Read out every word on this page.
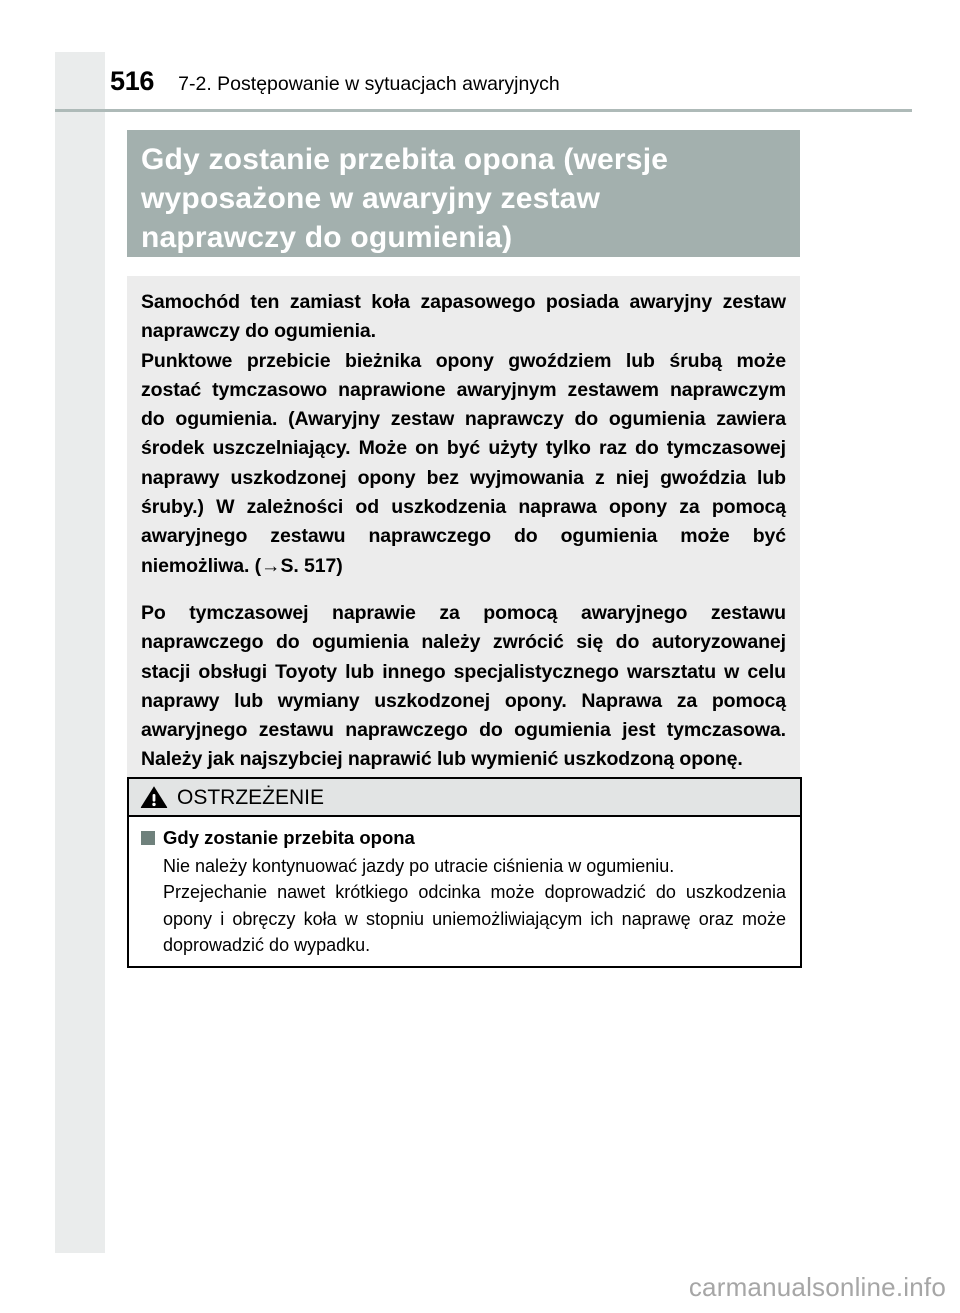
516 7-2. Postępowanie w sytuacjach awaryjnych
Gdy zostanie przebita opona (wersje
wyposażone w awaryjny zestaw
naprawczy do ogumienia)

Samochód ten zamiast koła zapasowego posiada awaryjny zestaw naprawczy do ogumienia.

Punktowe przebicie bieżnika opony gwoździem lub śrubą może zostać tymczasowo naprawione awaryjnym zestawem naprawczym do ogumienia. (Awaryjny zestaw naprawczy do ogumienia zawiera środek uszczelniający. Może on być użyty tylko raz do tymczasowej naprawy uszkodzonej opony bez wyjmowania z niej gwoździa lub śruby.) W zależności od uszkodzenia naprawa opony za pomocą awaryjnego zestawu naprawczego do ogumienia może być niemożliwa. (→S. 517)

Po tymczasowej naprawie za pomocą awaryjnego zestawu naprawczego do ogumienia należy zwrócić się do autoryzowanej stacji obsługi Toyoty lub innego specjalistycznego warsztatu w celu naprawy lub wymiany uszkodzonej opony. Naprawa za pomocą awaryjnego zestawu naprawczego do ogumienia jest tymczasowa. Należy jak najszybciej naprawić lub wymienić uszkodzoną oponę.

OSTRZEŻENIE
Gdy zostanie przebita opona

Nie należy kontynuować jazdy po utracie ciśnienia w ogumieniu.

Przejechanie nawet krótkiego odcinka może doprowadzić do uszkodzenia opony i obręczy koła w stopniu uniemożliwiającym ich naprawę oraz może doprowadzić do wypadku.

carmanualsonline.info
